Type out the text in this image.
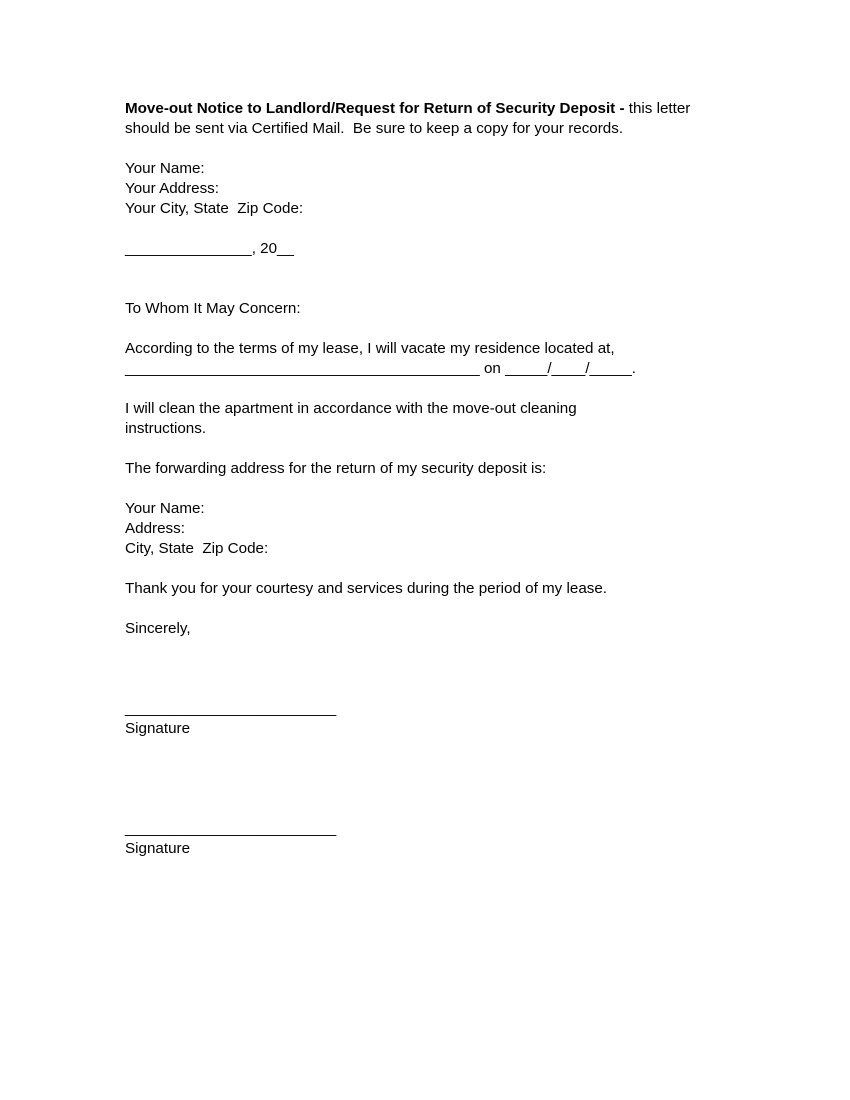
Move-out Notice to Landlord/Request for Return of Security Deposit - this letter
should be sent via Certified Mail.  Be sure to keep a copy for your records.
Your Name:
Your Address:
Your City, State  Zip Code:
_______________, 20__
To Whom It May Concern:
According to the terms of my lease, I will vacate my residence located at,
__________________________________________ on _____/____/_____.
I will clean the apartment in accordance with the move-out cleaning
instructions.
The forwarding address for the return of my security deposit is:
Your Name:
Address:
City, State  Zip Code:
Thank you for your courtesy and services during the period of my lease.
Sincerely,
_________________________
Signature
_________________________
Signature
